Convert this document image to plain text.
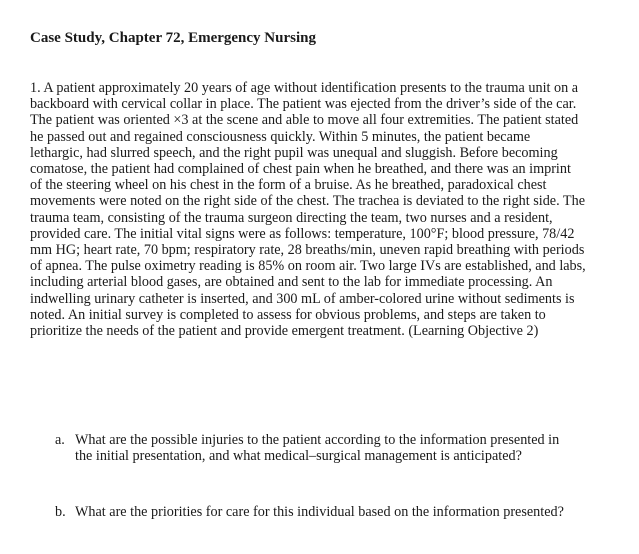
Case Study, Chapter 72, Emergency Nursing
1. A patient approximately 20 years of age without identification presents to the trauma unit on a backboard with cervical collar in place. The patient was ejected from the driver’s side of the car. The patient was oriented ×3 at the scene and able to move all four extremities. The patient stated he passed out and regained consciousness quickly. Within 5 minutes, the patient became lethargic, had slurred speech, and the right pupil was unequal and sluggish. Before becoming comatose, the patient had complained of chest pain when he breathed, and there was an imprint of the steering wheel on his chest in the form of a bruise. As he breathed, paradoxical chest movements were noted on the right side of the chest. The trachea is deviated to the right side. The trauma team, consisting of the trauma surgeon directing the team, two nurses and a resident, provided care. The initial vital signs were as follows: temperature, 100°F; blood pressure, 78/42 mm HG; heart rate, 70 bpm; respiratory rate, 28 breaths/min, uneven rapid breathing with periods of apnea. The pulse oximetry reading is 85% on room air. Two large IVs are established, and labs, including arterial blood gases, are obtained and sent to the lab for immediate processing. An indwelling urinary catheter is inserted, and 300 mL of amber-colored urine without sediments is noted. An initial survey is completed to assess for obvious problems, and steps are taken to prioritize the needs of the patient and provide emergent treatment. (Learning Objective 2)
a. What are the possible injuries to the patient according to the information presented in the initial presentation, and what medical–surgical management is anticipated?
b. What are the priorities for care for this individual based on the information presented?
